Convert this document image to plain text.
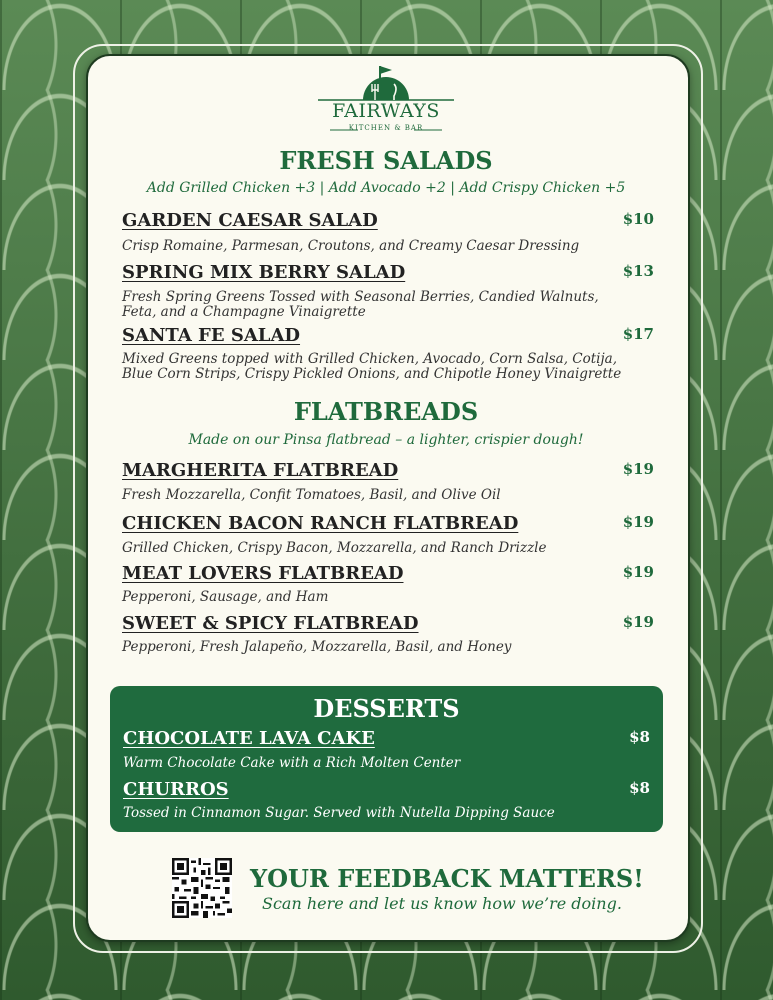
FAIRWAYS
KITCHEN & BAR
FRESH SALADS
Add Grilled Chicken +3 | Add Avocado +2 | Add Crispy Chicken +5
GARDEN CAESAR SALAD	$10
Crisp Romaine, Parmesan, Croutons, and Creamy Caesar Dressing
SPRING MIX BERRY SALAD	$13
Fresh Spring Greens Tossed with Seasonal Berries, Candied Walnuts,
Feta, and a Champagne Vinaigrette
SANTA FE SALAD	$17
Mixed Greens topped with Grilled Chicken, Avocado, Corn Salsa, Cotija,
Blue Corn Strips, Crispy Pickled Onions, and Chipotle Honey Vinaigrette
FLATBREADS
Made on our Pinsa flatbread – a lighter, crispier dough!
MARGHERITA FLATBREAD	$19
Fresh Mozzarella, Confit Tomatoes, Basil, and Olive Oil
CHICKEN BACON RANCH FLATBREAD	$19
Grilled Chicken, Crispy Bacon, Mozzarella, and Ranch Drizzle
MEAT LOVERS FLATBREAD	$19
Pepperoni, Sausage, and Ham
SWEET & SPICY FLATBREAD	$19
Pepperoni, Fresh Jalapeño, Mozzarella, Basil, and Honey
DESSERTS
CHOCOLATE LAVA CAKE	$8
Warm Chocolate Cake with a Rich Molten Center
CHURROS	$8
Tossed in Cinnamon Sugar. Served with Nutella Dipping Sauce
YOUR FEEDBACK MATTERS!
Scan here and let us know how we’re doing.
